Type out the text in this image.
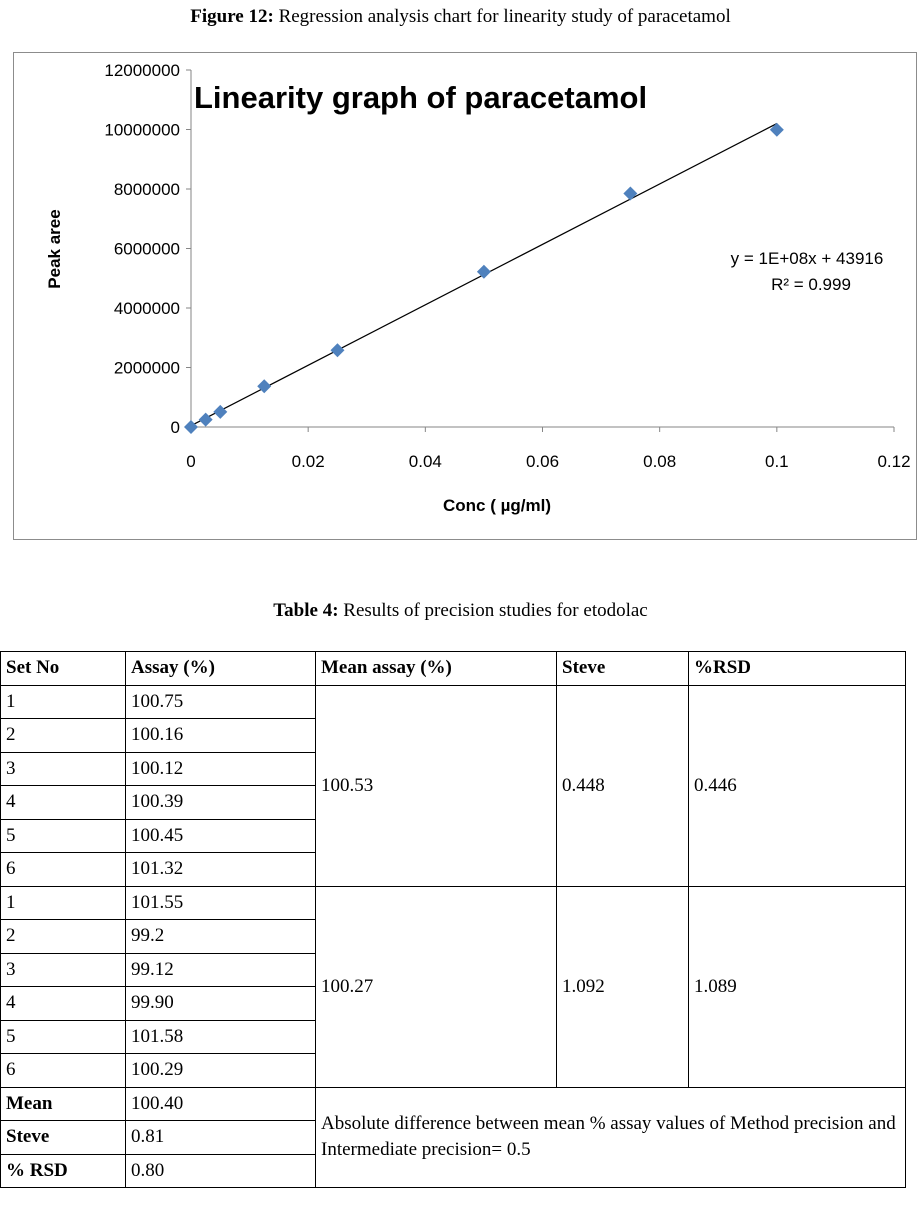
Figure 12: Regression analysis chart for linearity study of paracetamol
0
2000000
4000000
6000000
8000000
10000000
12000000
0	0.02	0.04	0.06	0.08	0.1	0.12
Linearity graph of paracetamol
Conc ( µg/ml)
Peak aree	y = 1E+08x + 43916
R² = 0.999
Table 4: Results of precision studies for etodolac
Set No	Assay (%)	Mean assay (%)	Steve	%RSD
1	100.75	100.53	0.448	0.446
2	100.16			
3	100.12			
4	100.39			
5	100.45			
6	101.32			
1	101.55	100.27	1.092	1.089
2	99.2			
3	99.12			
4	99.90			
5	101.58			
6	100.29			
Mean	100.40	Absolute difference between mean % assay values of Method precision and Intermediate precision= 0.5		
Steve	0.81			
% RSD	0.80			
